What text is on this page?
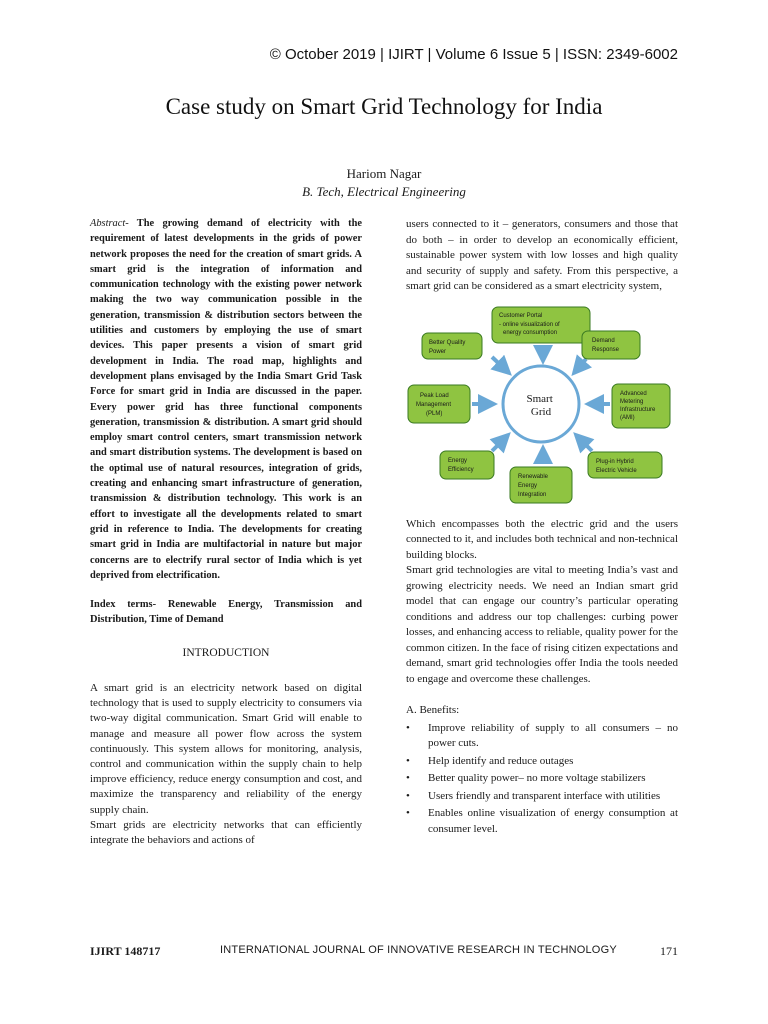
© October 2019 | IJIRT | Volume 6 Issue 5 | ISSN: 2349-6002
Case study on Smart Grid Technology for India
Hariom Nagar
B. Tech, Electrical Engineering
Abstract- The growing demand of electricity with the requirement of latest developments in the grids of power network proposes the need for the creation of smart grids. A smart grid is the integration of information and communication technology with the existing power network making the two way communication possible in the generation, transmission & distribution sectors between the utilities and customers by employing the use of smart devices. This paper presents a vision of smart grid development in India. The road map, highlights and development plans envisaged by the India Smart Grid Task Force for smart grid in India are discussed in the paper. Every power grid has three functional components generation, transmission & distribution. A smart grid should employ smart control centers, smart transmission network and smart distribution systems. The development is based on the optimal use of natural resources, integration of grids, creating and enhancing smart infrastructure of generation, transmission & distribution technology. This work is an effort to investigate all the developments related to smart grid in reference to India. The developments for creating smart grid in India are multifactorial in nature but major concerns are to electrify rural sector of India which is yet deprived from electrification.
Index terms- Renewable Energy, Transmission and Distribution, Time of Demand
INTRODUCTION

A smart grid is an electricity network based on digital technology that is used to supply electricity to consumers via two-way digital communication. Smart Grid will enable to manage and measure all power flow across the system continuously. This system allows for monitoring, analysis, control and communication within the supply chain to help improve efficiency, reduce energy consumption and cost, and maximize the transparency and reliability of the energy supply chain.

Smart grids are electricity networks that can efficiently integrate the behaviors and actions of

users connected to it – generators, consumers and those that do both – in order to develop an economically efficient, sustainable power system with low losses and high quality and security of supply and safety. From this perspective, a smart grid can be considered as a smart electricity system,

Smart Grid
Customer Portal - online visualization of energy consumption
Demand Response
Advanced Metering Infrastructure (AMI)
Plug-in Hybrid Electric Vehicle
Renewable Energy Integration
Energy Efficiency
Peak Load Management (PLM)
Better Quality Power

Which encompasses both the electric grid and the users connected to it, and includes both technical and non-technical building blocks.

Smart grid technologies are vital to meeting India’s vast and growing electricity needs. We need an Indian smart grid model that can engage our country’s particular operating conditions and address our top challenges: curbing power losses, and enhancing access to reliable, quality power for the common citizen. In the face of rising citizen expectations and demand, smart grid technologies offer India the tools needed to engage and overcome these challenges.

A. Benefits:
• Improve reliability of supply to all consumers – no power cuts.
• Help identify and reduce outages
• Better quality power– no more voltage stabilizers
• Users friendly and transparent interface with utilities
• Enables online visualization of energy consumption at consumer level.
IJIRT 148717	INTERNATIONAL JOURNAL OF INNOVATIVE RESEARCH IN TECHNOLOGY	171
